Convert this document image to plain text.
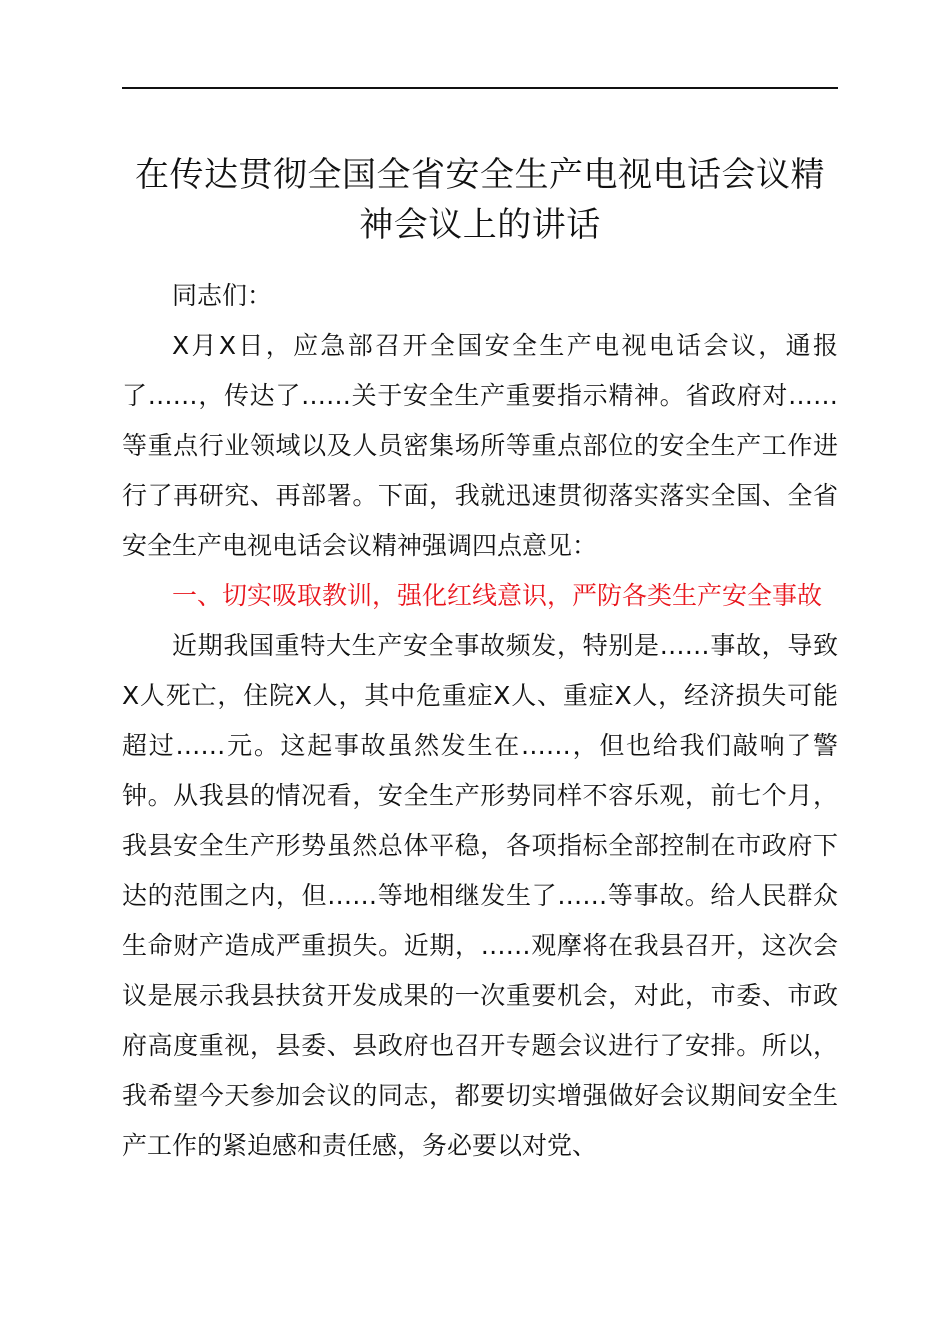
在传达贯彻全国全省安全生产电视电话会议精
神会议上的讲话

同志们：

X月X日，应急部召开全国安全生产电视电话会议，通报了……，传达了……关于安全生产重要指示精神。省政府对……等重点行业领域以及人员密集场所等重点部位的安全生产工作进行了再研究、再部署。下面，我就迅速贯彻落实落实全国、全省安全生产电视电话会议精神强调四点意见：

一、切实吸取教训，强化红线意识，严防各类生产安全事故

近期我国重特大生产安全事故频发，特别是……事故，导致X人死亡，住院X人，其中危重症X人、重症X人，经济损失可能超过……元。这起事故虽然发生在……，但也给我们敲响了警钟。从我县的情况看，安全生产形势同样不容乐观，前七个月，我县安全生产形势虽然总体平稳，各项指标全部控制在市政府下达的范围之内，但……等地相继发生了……等事故。给人民群众生命财产造成严重损失。近期，……观摩将在我县召开，这次会议是展示我县扶贫开发成果的一次重要机会，对此，市委、市政府高度重视，县委、县政府也召开专题会议进行了安排。所以，我希望今天参加会议的同志，都要切实增强做好会议期间安全生产工作的紧迫感和责任感，务必要以对党、
